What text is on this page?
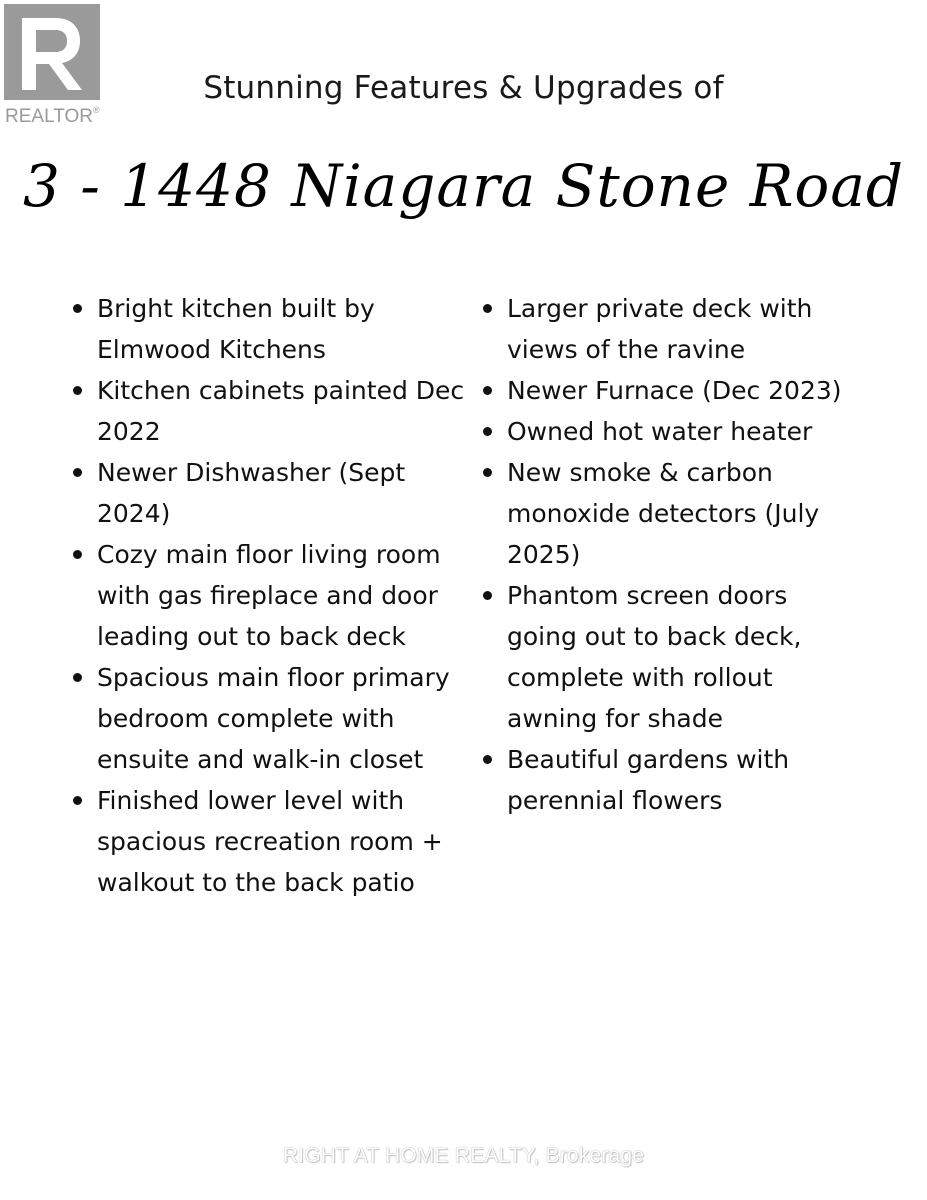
REALTOR®
Stunning Features & Upgrades of
3 - 1448 Niagara Stone Road
Bright kitchen built by Elmwood Kitchens
Kitchen cabinets painted Dec 2022
Newer Dishwasher (Sept 2024)
Cozy main floor living room with gas fireplace and door leading out to back deck
Spacious main floor primary bedroom complete with ensuite and walk-in closet
Finished lower level with spacious recreation room + walkout to the back patio
Larger private deck with views of the ravine
Newer Furnace (Dec 2023)
Owned hot water heater
New smoke & carbon monoxide detectors (July 2025)
Phantom screen doors going out to back deck, complete with rollout awning for shade
Beautiful gardens with perennial flowers
RIGHT AT HOME REALTY, Brokerage
